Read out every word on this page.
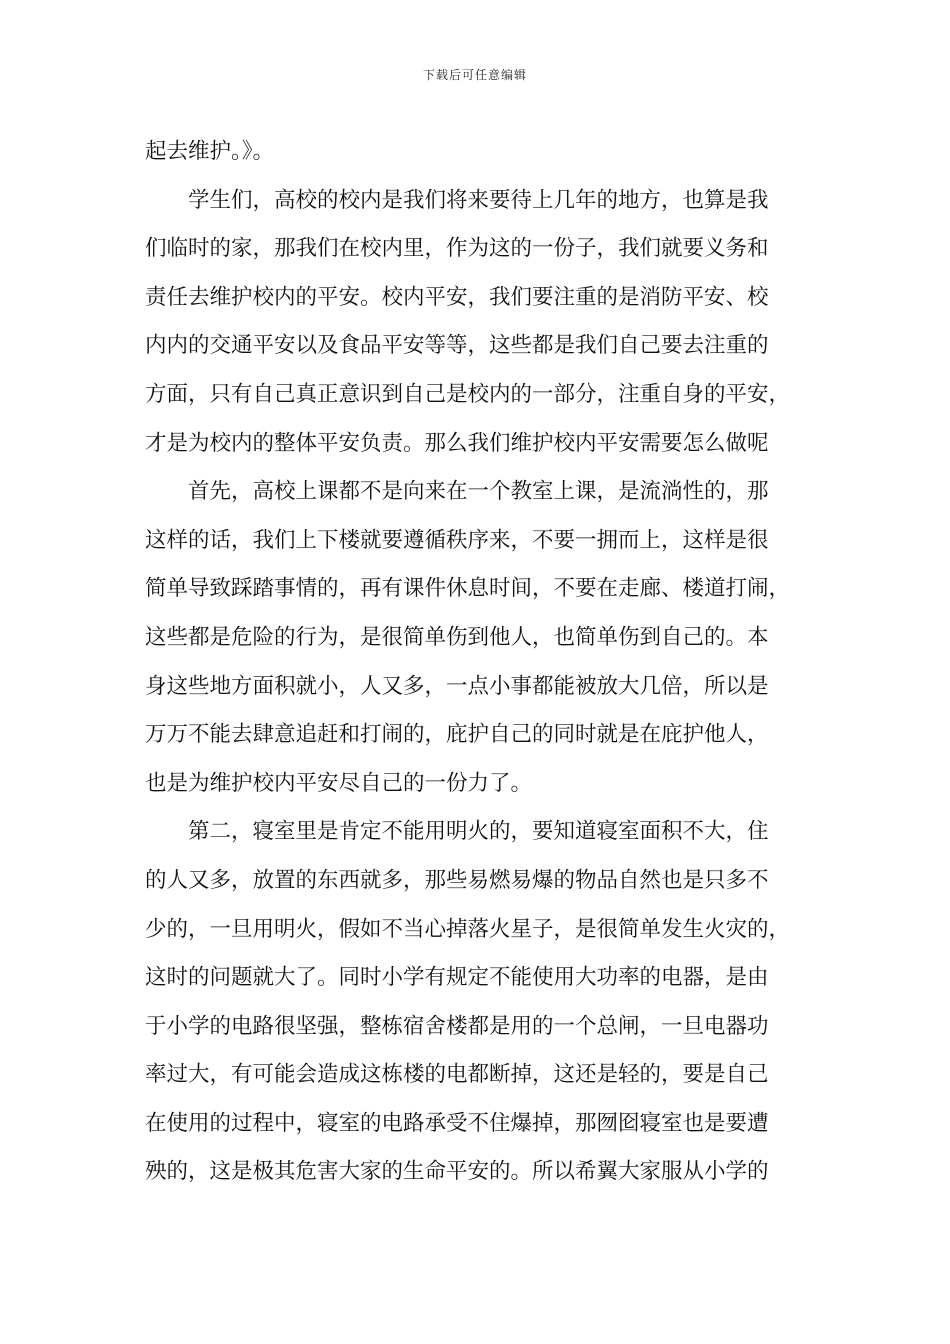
下载后可任意编辑
起去维护。》。
　　学生们，高校的校内是我们将来要待上几年的地方，也算是我
们临时的家，那我们在校内里，作为这的一份子，我们就要义务和
责任去维护校内的平安。校内平安，我们要注重的是消防平安、校
内内的交通平安以及食品平安等等，这些都是我们自己要去注重的
方面，只有自己真正意识到自己是校内的一部分，注重自身的平安，
才是为校内的整体平安负责。那么我们维护校内平安需要怎么做呢
　　首先，高校上课都不是向来在一个教室上课，是流淌性的，那
这样的话，我们上下楼就要遵循秩序来，不要一拥而上，这样是很
简单导致踩踏事情的，再有课件休息时间，不要在走廊、楼道打闹，
这些都是危险的行为，是很简单伤到他人，也简单伤到自己的。本
身这些地方面积就小，人又多，一点小事都能被放大几倍，所以是
万万不能去肆意追赶和打闹的，庇护自己的同时就是在庇护他人，
也是为维护校内平安尽自己的一份力了。
　　第二，寝室里是肯定不能用明火的，要知道寝室面积不大，住
的人又多，放置的东西就多，那些易燃易爆的物品自然也是只多不
少的，一旦用明火，假如不当心掉落火星子，是很简单发生火灾的，
这时的问题就大了。同时小学有规定不能使用大功率的电器，是由
于小学的电路很坚强，整栋宿舍楼都是用的一个总闸，一旦电器功
率过大，有可能会造成这栋楼的电都断掉，这还是轻的，要是自己
在使用的过程中，寝室的电路承受不住爆掉，那囫囵寝室也是要遭
殃的，这是极其危害大家的生命平安的。所以希翼大家服从小学的
